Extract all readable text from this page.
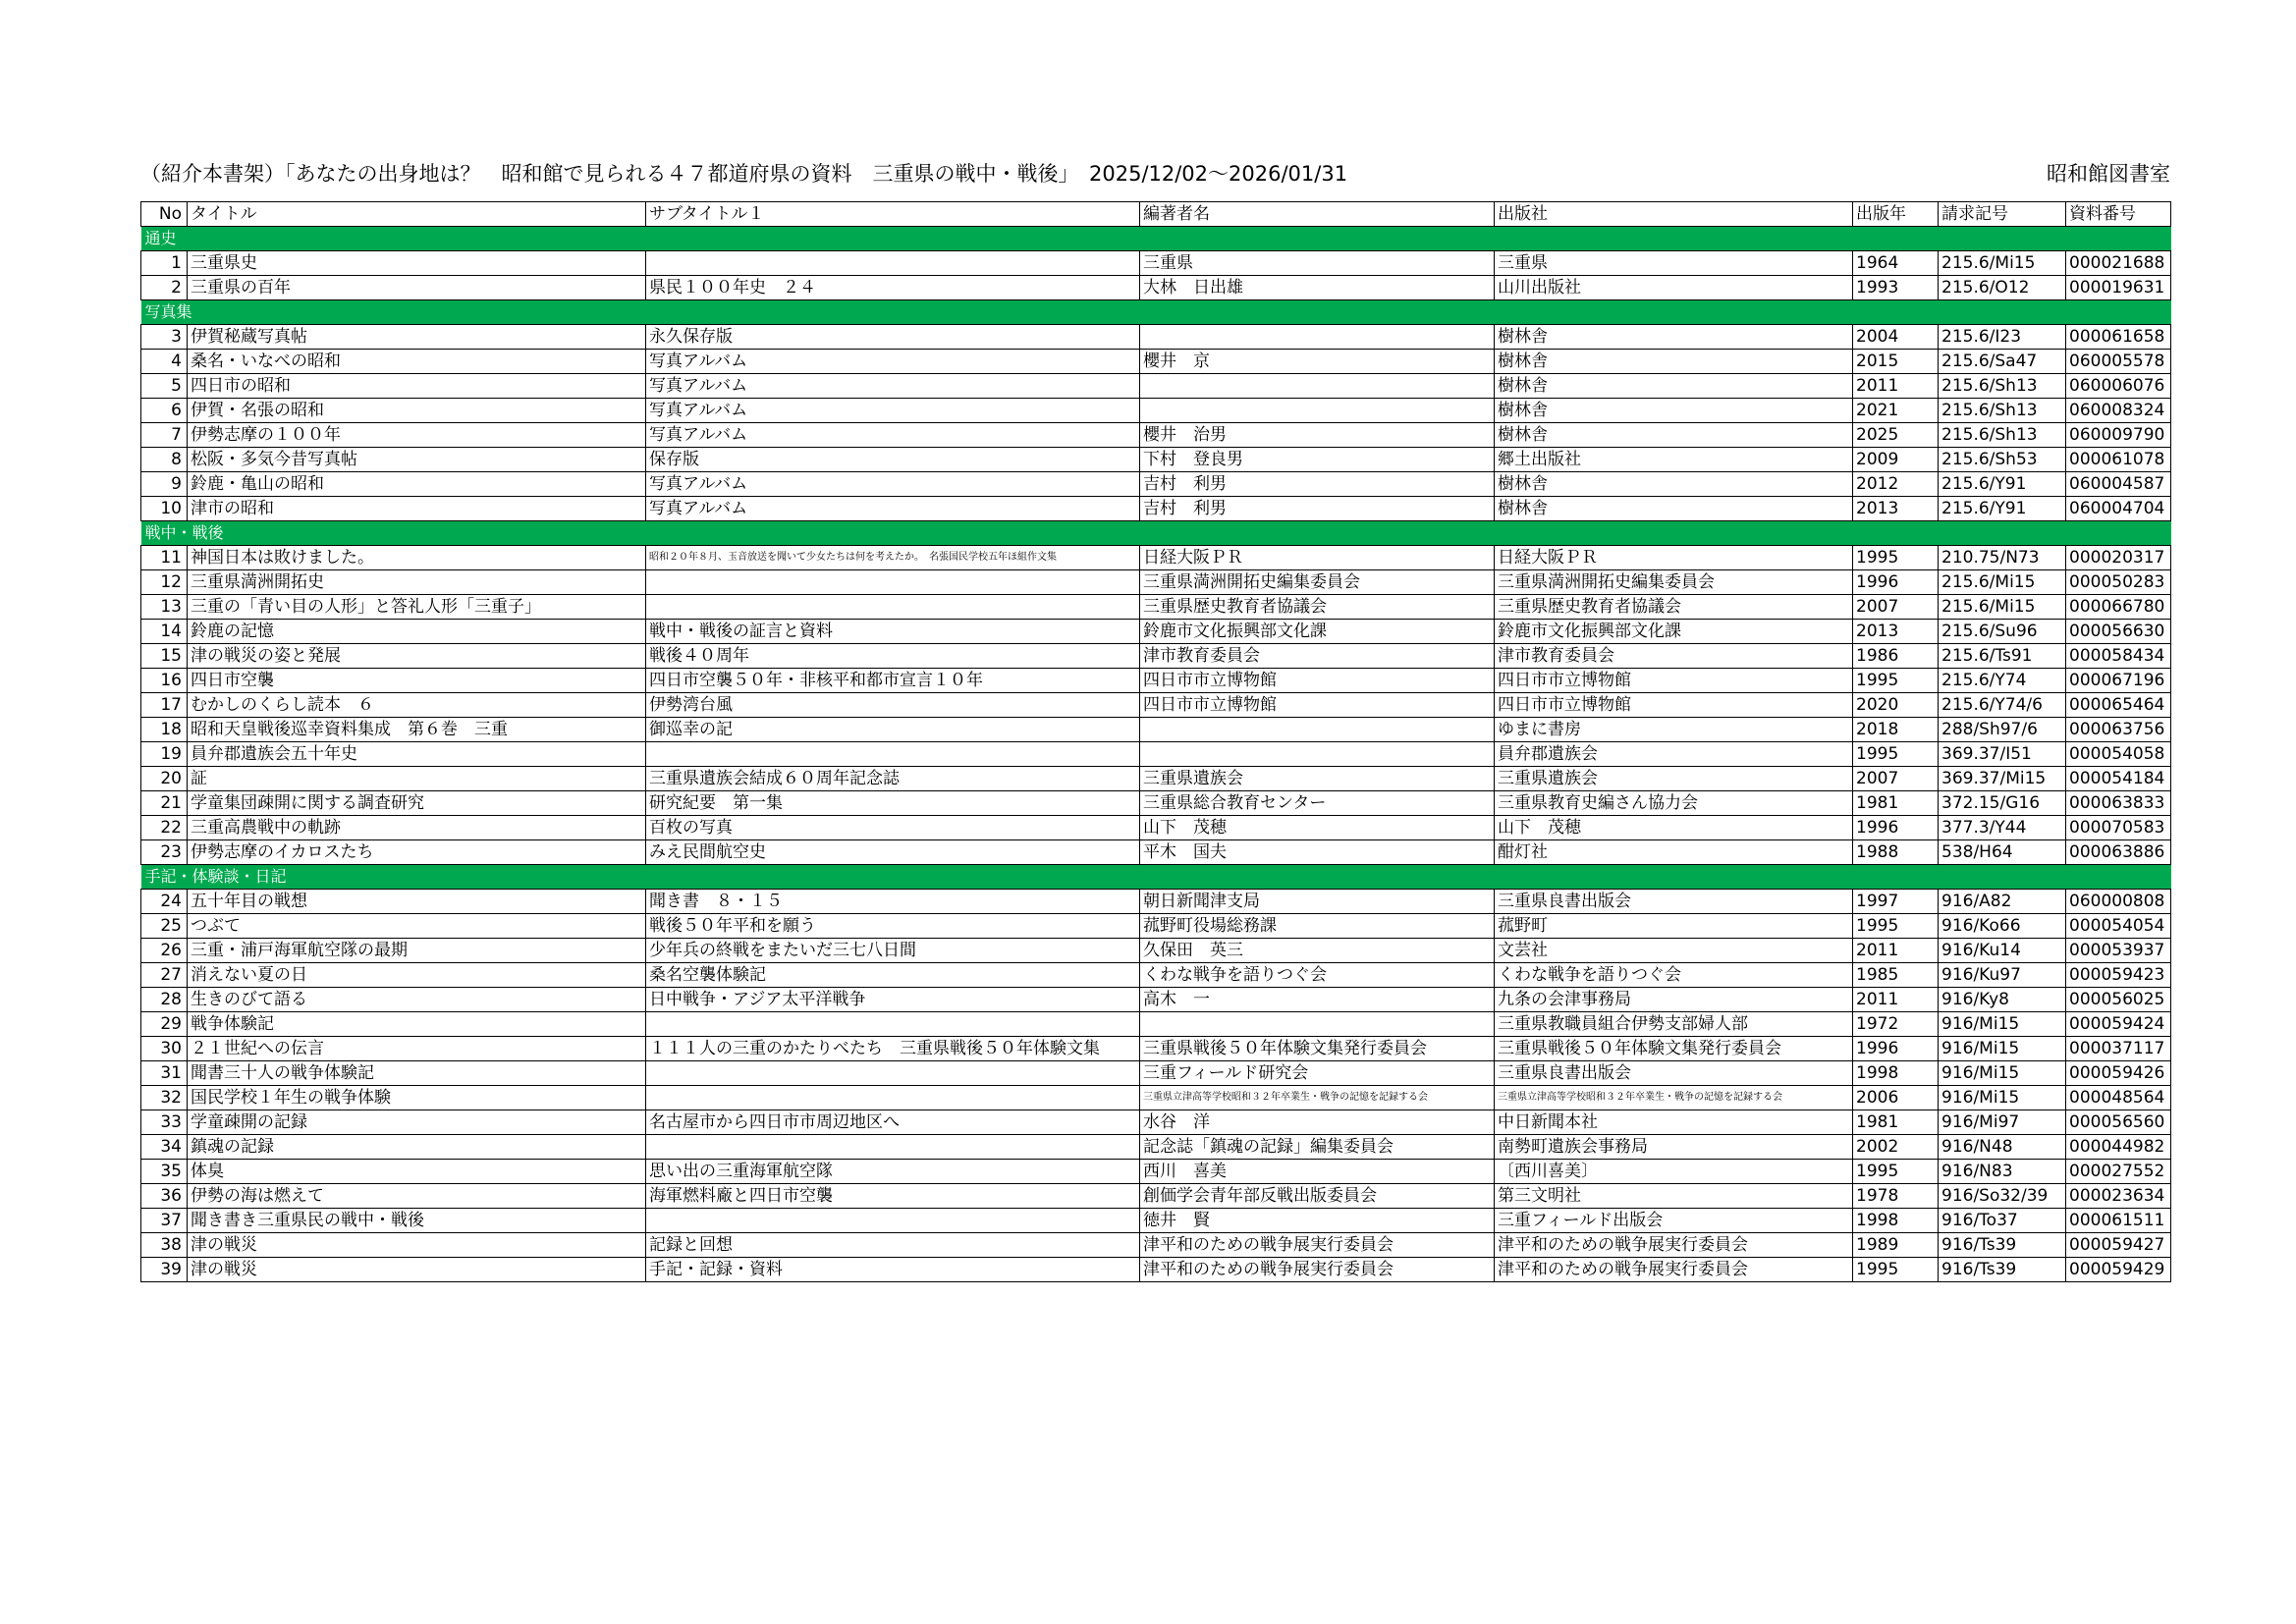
（紹介本書架）「あなたの出身地は？　昭和館で見られる４７都道府県の資料　三重県の戦中・戦後」　2025/12/02～2026/01/31	昭和館図書室
No	タイトル	サブタイトル１	編著者名	出版社	出版年	請求記号	資料番号
通史							
1	三重県史		三重県	三重県	1964	215.6/Mi15	000021688
2	三重県の百年	県民１００年史　２４	大林　日出雄	山川出版社	1993	215.6/O12	000019631
写真集							
3	伊賀秘蔵写真帖	永久保存版		樹林舎	2004	215.6/I23	000061658
4	桑名・いなべの昭和	写真アルバム	櫻井　京	樹林舎	2015	215.6/Sa47	060005578
5	四日市の昭和	写真アルバム		樹林舎	2011	215.6/Sh13	060006076
6	伊賀・名張の昭和	写真アルバム		樹林舎	2021	215.6/Sh13	060008324
7	伊勢志摩の１００年	写真アルバム	櫻井　治男	樹林舎	2025	215.6/Sh13	060009790
8	松阪・多気今昔写真帖	保存版	下村　登良男	郷土出版社	2009	215.6/Sh53	000061078
9	鈴鹿・亀山の昭和	写真アルバム	吉村　利男	樹林舎	2012	215.6/Y91	060004587
10	津市の昭和	写真アルバム	吉村　利男	樹林舎	2013	215.6/Y91	060004704
戦中・戦後							
11	神国日本は敗けました。	昭和２０年８月、玉音放送を聞いて少女たちは何を考えたか。　名張国民学校五年ほ組作文集	日経大阪ＰＲ	日経大阪ＰＲ	1995	210.75/N73	000020317
12	三重県満洲開拓史		三重県満洲開拓史編集委員会	三重県満洲開拓史編集委員会	1996	215.6/Mi15	000050283
13	三重の「青い目の人形」と答礼人形「三重子」		三重県歴史教育者協議会	三重県歴史教育者協議会	2007	215.6/Mi15	000066780
14	鈴鹿の記憶	戦中・戦後の証言と資料	鈴鹿市文化振興部文化課	鈴鹿市文化振興部文化課	2013	215.6/Su96	000056630
15	津の戦災の姿と発展	戦後４０周年	津市教育委員会	津市教育委員会	1986	215.6/Ts91	000058434
16	四日市空襲	四日市空襲５０年・非核平和都市宣言１０年	四日市市立博物館	四日市市立博物館	1995	215.6/Y74	000067196
17	むかしのくらし読本　６	伊勢湾台風	四日市市立博物館	四日市市立博物館	2020	215.6/Y74/6	000065464
18	昭和天皇戦後巡幸資料集成　第６巻　三重	御巡幸の記		ゆまに書房	2018	288/Sh97/6	000063756
19	員弁郡遺族会五十年史			員弁郡遺族会	1995	369.37/I51	000054058
20	証	三重県遺族会結成６０周年記念誌	三重県遺族会	三重県遺族会	2007	369.37/Mi15	000054184
21	学童集団疎開に関する調査研究	研究紀要　第一集	三重県総合教育センター	三重県教育史編さん協力会	1981	372.15/G16	000063833
22	三重高農戦中の軌跡	百枚の写真	山下　茂穂	山下　茂穂	1996	377.3/Y44	000070583
23	伊勢志摩のイカロスたち	みえ民間航空史	平木　国夫	酣灯社	1988	538/H64	000063886
手記・体験談・日記							
24	五十年目の戦想	聞き書　８・１５	朝日新聞津支局	三重県良書出版会	1997	916/A82	060000808
25	つぶて	戦後５０年平和を願う	菰野町役場総務課	菰野町	1995	916/Ko66	000054054
26	三重・浦戸海軍航空隊の最期	少年兵の終戦をまたいだ三七八日間	久保田　英三	文芸社	2011	916/Ku14	000053937
27	消えない夏の日	桑名空襲体験記	くわな戦争を語りつぐ会	くわな戦争を語りつぐ会	1985	916/Ku97	000059423
28	生きのびて語る	日中戦争・アジア太平洋戦争	高木　一	九条の会津事務局	2011	916/Ky8	000056025
29	戦争体験記			三重県教職員組合伊勢支部婦人部	1972	916/Mi15	000059424
30	２１世紀への伝言	１１１人の三重のかたりべたち　三重県戦後５０年体験文集	三重県戦後５０年体験文集発行委員会	三重県戦後５０年体験文集発行委員会	1996	916/Mi15	000037117
31	聞書三十人の戦争体験記		三重フィールド研究会	三重県良書出版会	1998	916/Mi15	000059426
32	国民学校１年生の戦争体験		三重県立津高等学校昭和３２年卒業生・戦争の記憶を記録する会	三重県立津高等学校昭和３２年卒業生・戦争の記憶を記録する会	2006	916/Mi15	000048564
33	学童疎開の記録	名古屋市から四日市市周辺地区へ	水谷　洋	中日新聞本社	1981	916/Mi97	000056560
34	鎮魂の記録		記念誌「鎮魂の記録」編集委員会	南勢町遺族会事務局	2002	916/N48	000044982
35	体臭	思い出の三重海軍航空隊	西川　喜美	〔西川喜美〕	1995	916/N83	000027552
36	伊勢の海は燃えて	海軍燃料廠と四日市空襲	創価学会青年部反戦出版委員会	第三文明社	1978	916/So32/39	000023634
37	聞き書き三重県民の戦中・戦後		徳井　賢	三重フィールド出版会	1998	916/To37	000061511
38	津の戦災	記録と回想	津平和のための戦争展実行委員会	津平和のための戦争展実行委員会	1989	916/Ts39	000059427
39	津の戦災	手記・記録・資料	津平和のための戦争展実行委員会	津平和のための戦争展実行委員会	1995	916/Ts39	000059429
